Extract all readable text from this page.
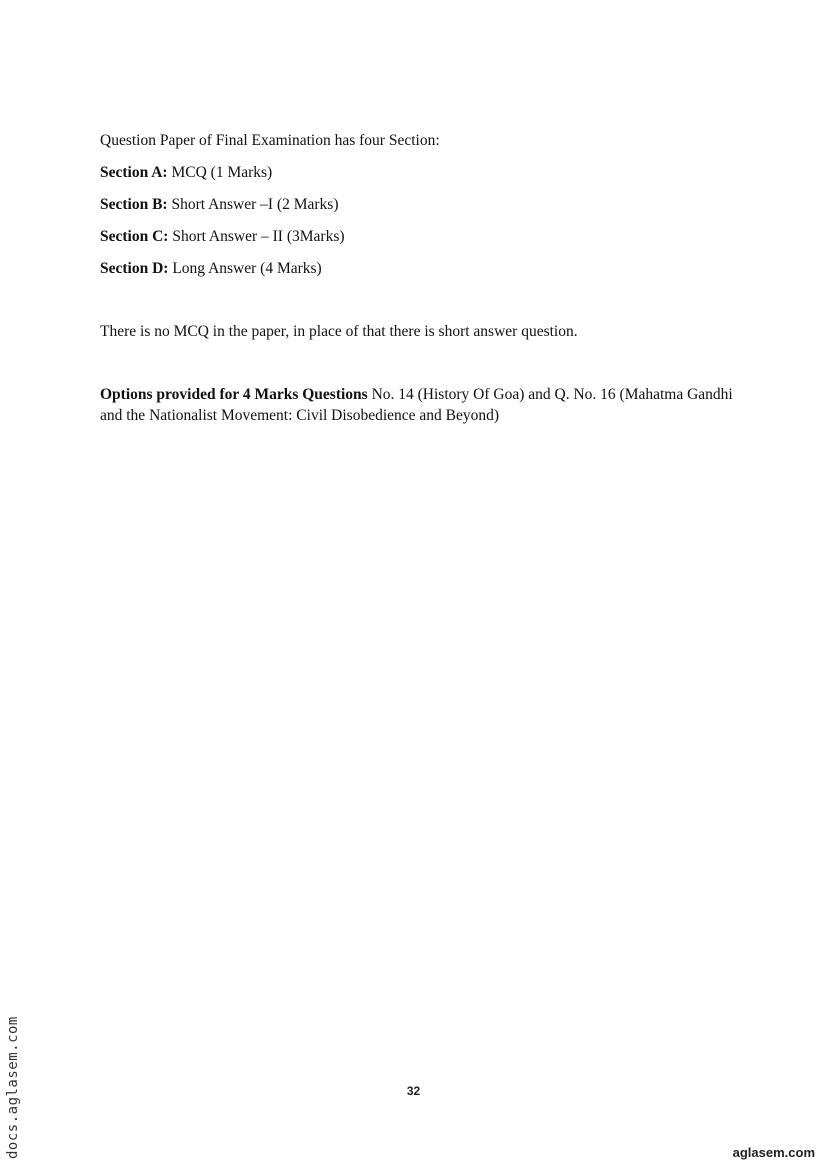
Question Paper of Final Examination has four Section:

Section A: MCQ (1 Marks)

Section B: Short Answer –I (2 Marks)

Section C: Short Answer – II (3Marks)

Section D: Long Answer (4 Marks)

There is no MCQ in the paper, in place of that there is short answer question.

Options provided for 4 Marks Questions No. 14 (History Of Goa) and Q. No. 16 (Mahatma Gandhi and the Nationalist Movement: Civil Disobedience and Beyond)

32
docs.aglasem.com	aglasem.com
